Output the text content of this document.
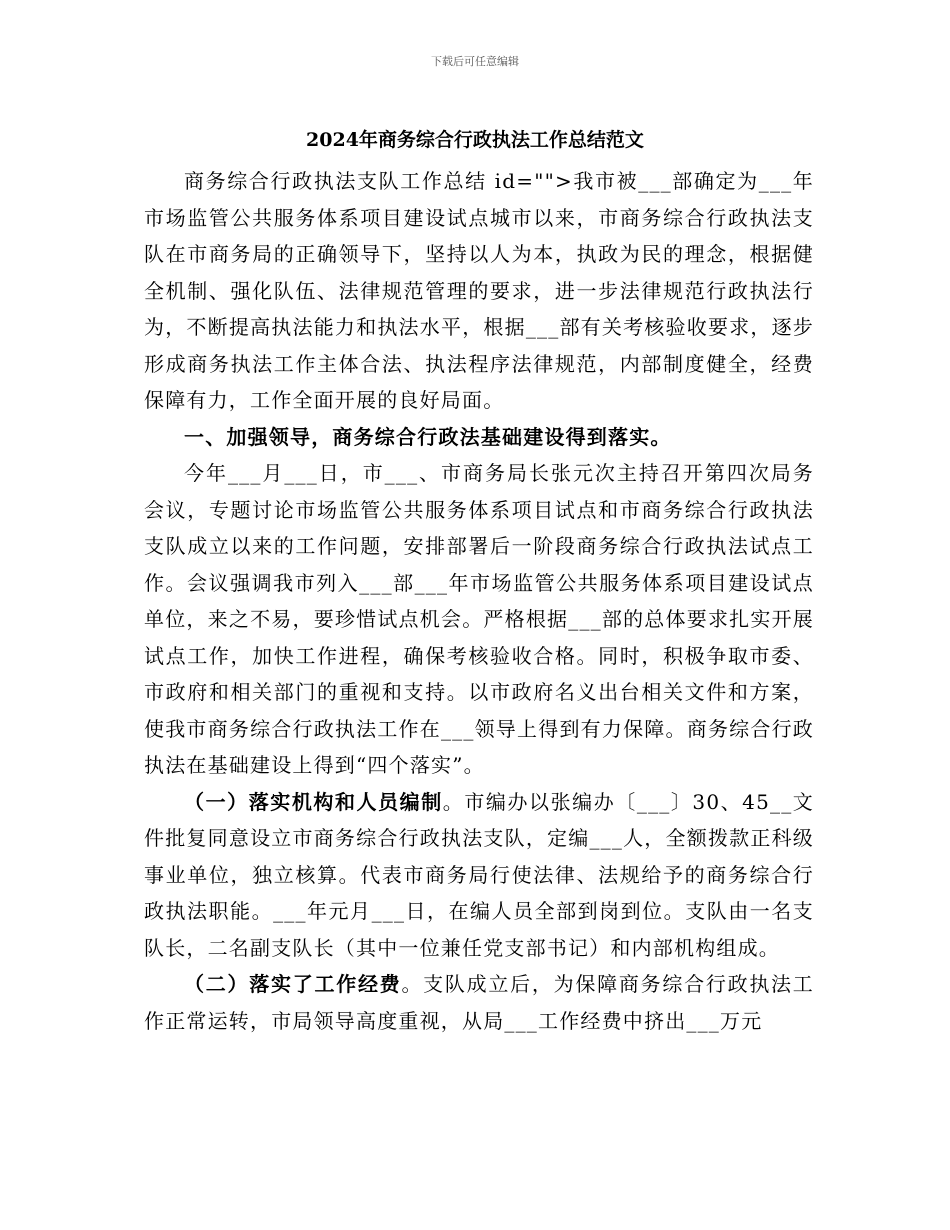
下载后可任意编辑
2024年商务综合行政执法工作总结范文

商务综合行政执法支队工作总结 id="">我市被___部确定为___年市场监管公共服务体系项目建设试点城市以来，市商务综合行政执法支队在市商务局的正确领导下，坚持以人为本，执政为民的理念，根据健全机制、强化队伍、法律规范管理的要求，进一步法律规范行政执法行为，不断提高执法能力和执法水平，根据___部有关考核验收要求，逐步形成商务执法工作主体合法、执法程序法律规范，内部制度健全，经费保障有力，工作全面开展的良好局面。

一、加强领导，商务综合行政法基础建设得到落实。

今年___月___日，市___、市商务局长张元次主持召开第四次局务会议，专题讨论市场监管公共服务体系项目试点和市商务综合行政执法支队成立以来的工作问题，安排部署后一阶段商务综合行政执法试点工作。会议强调我市列入___部___年市场监管公共服务体系项目建设试点单位，来之不易，要珍惜试点机会。严格根据___部的总体要求扎实开展试点工作，加快工作进程，确保考核验收合格。同时，积极争取市委、市政府和相关部门的重视和支持。以市政府名义出台相关文件和方案，使我市商务综合行政执法工作在___领导上得到有力保障。商务综合行政执法在基础建设上得到“四个落实”。

（一）落实机构和人员编制。市编办以张编办〔___〕30、45__文件批复同意设立市商务综合行政执法支队，定编___人，全额拨款正科级事业单位，独立核算。代表市商务局行使法律、法规给予的商务综合行政执法职能。___年元月___日，在编人员全部到岗到位。支队由一名支队长，二名副支队长（其中一位兼任党支部书记）和内部机构组成。

（二）落实了工作经费。支队成立后，为保障商务综合行政执法工作正常运转，市局领导高度重视，从局___工作经费中挤出___万元
